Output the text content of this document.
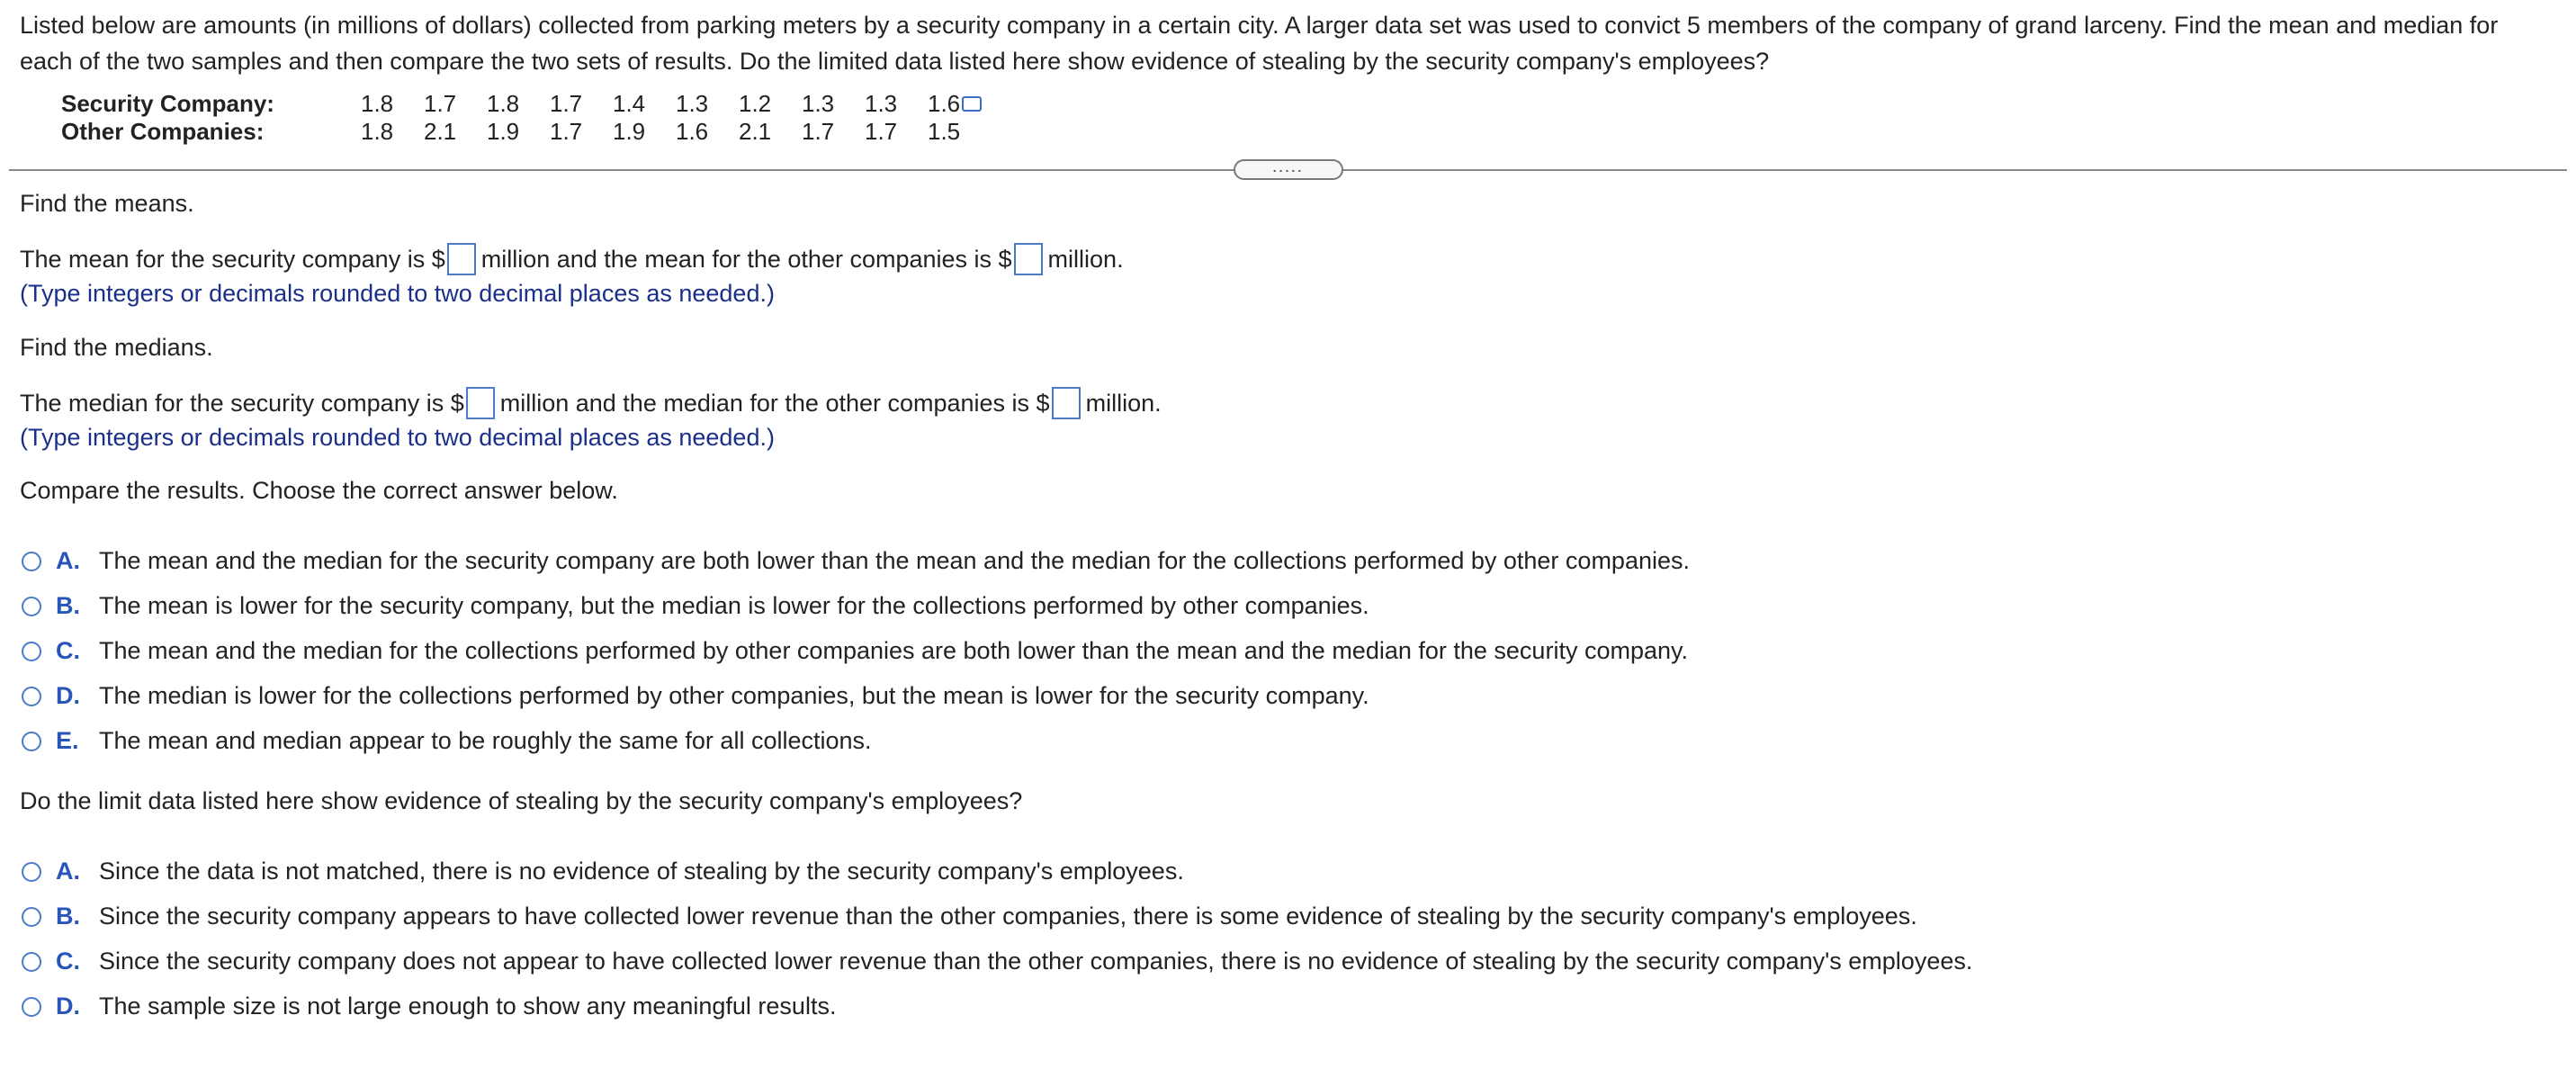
Listed below are amounts (in millions of dollars) collected from parking meters by a security company in a certain city. A larger data set was used to convict 5 members of the company of grand larceny. Find the mean and median for each of the two samples and then compare the two sets of results. Do the limited data listed here show evidence of stealing by the security company's employees?
Security Company:	1.8	1.7	1.8	1.7	1.4	1.3	1.2	1.3	1.3	1.6
Other Companies:	1.8	2.1	1.9	1.7	1.9	1.6	2.1	1.7	1.7	1.5
.....
Find the means.
The mean for the security company is $ million and the mean for the other companies is $ million.
(Type integers or decimals rounded to two decimal places as needed.)
Find the medians.
The median for the security company is $ million and the median for the other companies is $ million.
(Type integers or decimals rounded to two decimal places as needed.)
Compare the results. Choose the correct answer below.
A. The mean and the median for the security company are both lower than the mean and the median for the collections performed by other companies.
B. The mean is lower for the security company, but the median is lower for the collections performed by other companies.
C. The mean and the median for the collections performed by other companies are both lower than the mean and the median for the security company.
D. The median is lower for the collections performed by other companies, but the mean is lower for the security company.
E. The mean and median appear to be roughly the same for all collections.
Do the limit data listed here show evidence of stealing by the security company's employees?
A. Since the data is not matched, there is no evidence of stealing by the security company's employees.
B. Since the security company appears to have collected lower revenue than the other companies, there is some evidence of stealing by the security company's employees.
C. Since the security company does not appear to have collected lower revenue than the other companies, there is no evidence of stealing by the security company's employees.
D. The sample size is not large enough to show any meaningful results.
